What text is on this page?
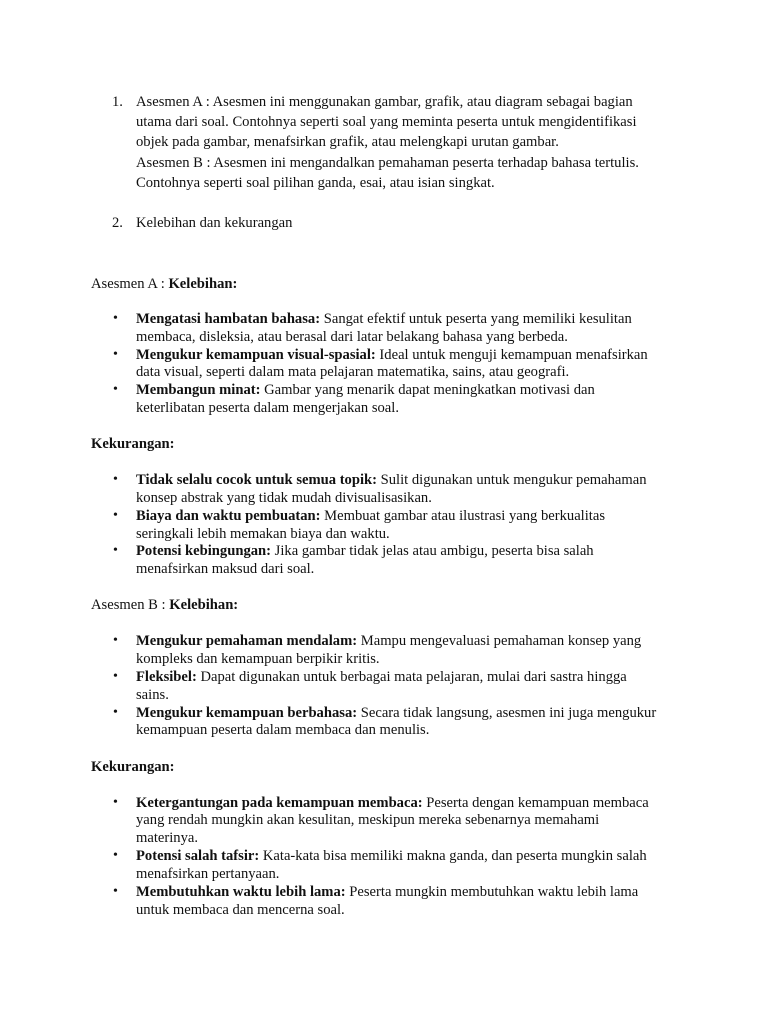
1. Asesmen A : Asesmen ini menggunakan gambar, grafik, atau diagram sebagai bagian
utama dari soal. Contohnya seperti soal yang meminta peserta untuk mengidentifikasi
objek pada gambar, menafsirkan grafik, atau melengkapi urutan gambar.
Asesmen B : Asesmen ini mengandalkan pemahaman peserta terhadap bahasa tertulis.
Contohnya seperti soal pilihan ganda, esai, atau isian singkat.
2. Kelebihan dan kekurangan
Asesmen A : Kelebihan:
• Mengatasi hambatan bahasa: Sangat efektif untuk peserta yang memiliki kesulitan
membaca, disleksia, atau berasal dari latar belakang bahasa yang berbeda.
• Mengukur kemampuan visual-spasial: Ideal untuk menguji kemampuan menafsirkan
data visual, seperti dalam mata pelajaran matematika, sains, atau geografi.
• Membangun minat: Gambar yang menarik dapat meningkatkan motivasi dan
keterlibatan peserta dalam mengerjakan soal.
Kekurangan:
• Tidak selalu cocok untuk semua topik: Sulit digunakan untuk mengukur pemahaman
konsep abstrak yang tidak mudah divisualisasikan.
• Biaya dan waktu pembuatan: Membuat gambar atau ilustrasi yang berkualitas
seringkali lebih memakan biaya dan waktu.
• Potensi kebingungan: Jika gambar tidak jelas atau ambigu, peserta bisa salah
menafsirkan maksud dari soal.
Asesmen B : Kelebihan:
• Mengukur pemahaman mendalam: Mampu mengevaluasi pemahaman konsep yang
kompleks dan kemampuan berpikir kritis.
• Fleksibel: Dapat digunakan untuk berbagai mata pelajaran, mulai dari sastra hingga
sains.
• Mengukur kemampuan berbahasa: Secara tidak langsung, asesmen ini juga mengukur
kemampuan peserta dalam membaca dan menulis.
Kekurangan:
• Ketergantungan pada kemampuan membaca: Peserta dengan kemampuan membaca
yang rendah mungkin akan kesulitan, meskipun mereka sebenarnya memahami
materinya.
• Potensi salah tafsir: Kata-kata bisa memiliki makna ganda, dan peserta mungkin salah
menafsirkan pertanyaan.
• Membutuhkan waktu lebih lama: Peserta mungkin membutuhkan waktu lebih lama
untuk membaca dan mencerna soal.
